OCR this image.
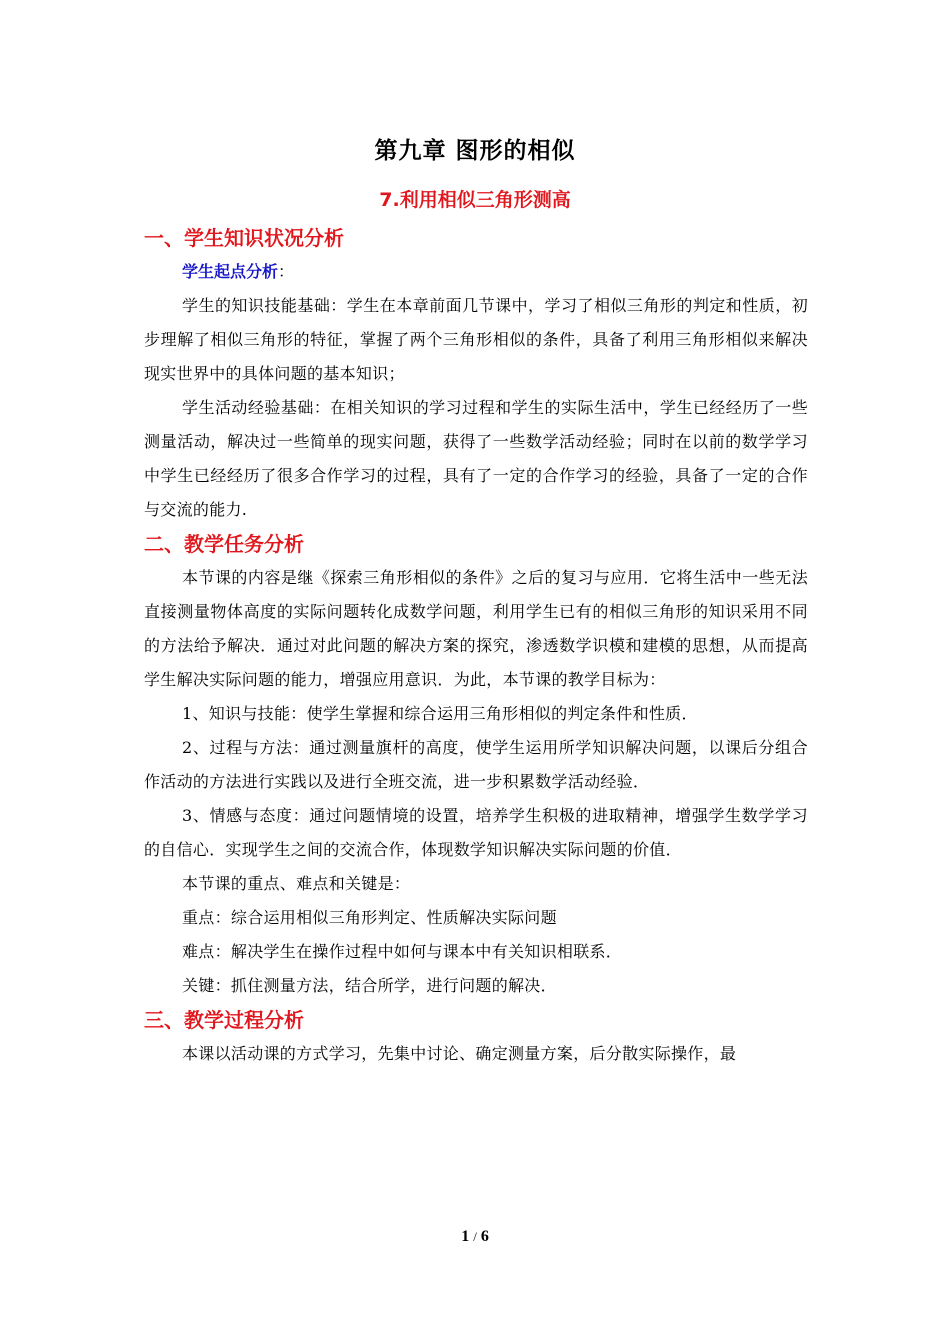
第九章 图形的相似
7.利用相似三角形测高
一、学生知识状况分析
学生起点分析：

学生的知识技能基础：学生在本章前面几节课中，学习了相似三角形的判定和性质，初步理解了相似三角形的特征，掌握了两个三角形相似的条件，具备了利用三角形相似来解决现实世界中的具体问题的基本知识；

学生活动经验基础：在相关知识的学习过程和学生的实际生活中，学生已经经历了一些测量活动，解决过一些简单的现实问题，获得了一些数学活动经验；同时在以前的数学学习中学生已经经历了很多合作学习的过程，具有了一定的合作学习的经验，具备了一定的合作与交流的能力.

二、教学任务分析

本节课的内容是继《探索三角形相似的条件》之后的复习与应用．它将生活中一些无法直接测量物体高度的实际问题转化成数学问题，利用学生已有的相似三角形的知识采用不同的方法给予解决．通过对此问题的解决方案的探究，渗透数学识模和建模的思想，从而提高学生解决实际问题的能力，增强应用意识．为此，本节课的教学目标为：

1、知识与技能：使学生掌握和综合运用三角形相似的判定条件和性质．

2、过程与方法：通过测量旗杆的高度，使学生运用所学知识解决问题，以课后分组合作活动的方法进行实践以及进行全班交流，进一步积累数学活动经验．

3、情感与态度：通过问题情境的设置，培养学生积极的进取精神，增强学生数学学习的自信心．实现学生之间的交流合作，体现数学知识解决实际问题的价值．

本节课的重点、难点和关键是：

重点：综合运用相似三角形判定、性质解决实际问题

难点：解决学生在操作过程中如何与课本中有关知识相联系．

关键：抓住测量方法，结合所学，进行问题的解决．

三、教学过程分析

本课以活动课的方式学习，先集中讨论、确定测量方案，后分散实际操作，最

1 / 6
